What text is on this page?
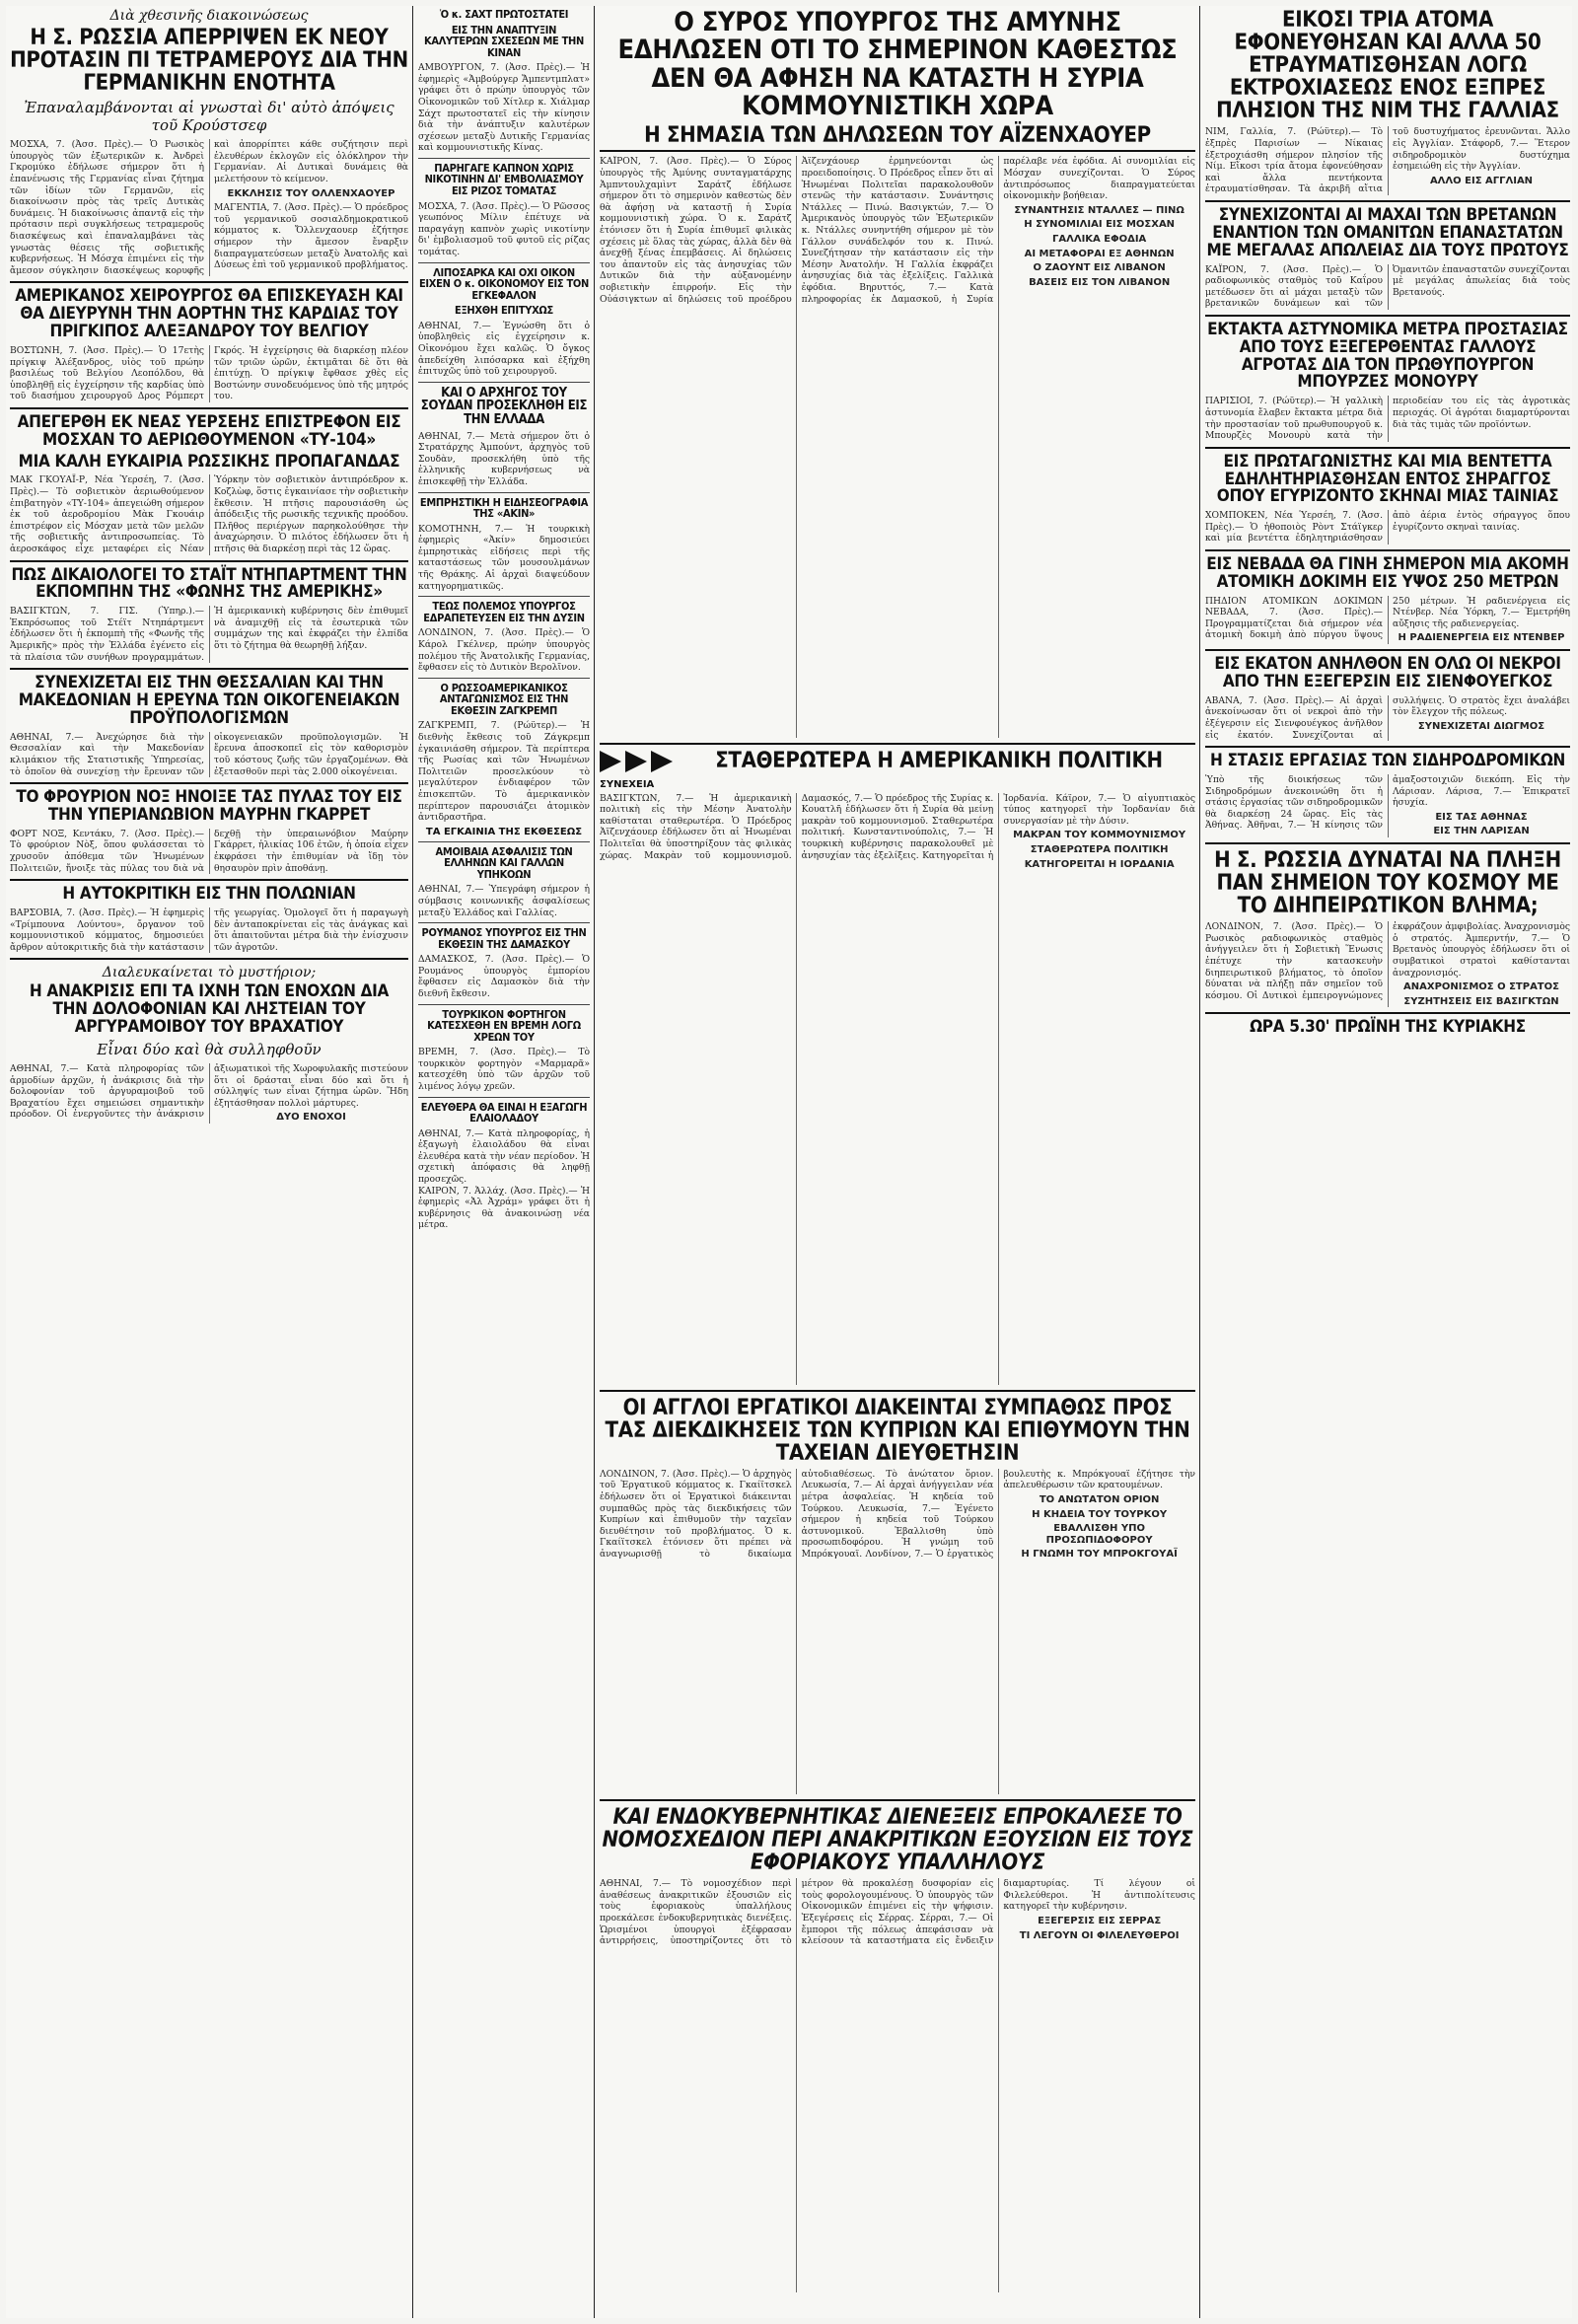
Διὰ χθεσινῆς διακοινώσεως
Η Σ. ΡΩΣΣΙΑ ΑΠΕΡΡΙΨΕΝ ΕΚ ΝΕΟΥ ΠΡΟΤΑΣΙΝ ΠΙ ΤΕΤΡΑΜΕΡΟΥΣ ΔΙΑ ΤΗΝ ΓΕΡΜΑΝΙΚΗΝ ΕΝΟΤΗΤΑ
Ἐπαναλαμβάνονται αἱ γνωσταὶ δι' αὐτὸ ἀπόψεις τοῦ Κρούστσεφ
ΜΟΣΧΑ, 7. (Ἀσσ. Πρὲς).— Ὁ Ρωσικὸς ὑπουργὸς τῶν ἐξωτερικῶν κ. Ἀνδρεὶ Γκρομύκο ἐδήλωσε σήμερον ὅτι ἡ ἐπανένωσις τῆς Γερμανίας εἶναι ζήτημα τῶν ἰδίων τῶν Γερμανῶν, εἰς διακοίνωσιν πρὸς τὰς τρεῖς Δυτικὰς δυνάμεις. Ἡ διακοίνωσις ἀπαντᾷ εἰς τὴν πρότασιν περὶ συγκλήσεως τετραμεροῦς διασκέψεως καὶ ἐπαναλαμβάνει τὰς γνωστὰς θέσεις τῆς σοβιετικῆς κυβερνήσεως. Ἡ Μόσχα ἐπιμένει εἰς τὴν ἄμεσον σύγκλησιν διασκέψεως κορυφῆς καὶ ἀπορρίπτει κάθε συζήτησιν περὶ ἐλευθέρων ἐκλογῶν εἰς ὁλόκληρον τὴν Γερμανίαν. Αἱ Δυτικαὶ δυνάμεις θὰ μελετήσουν τὸ κείμενον.
ΕΚΚΛΗΣΙΣ ΤΟΥ ΟΛΛΕΝΧΑΟΥΕΡ
ΜΑΓΕΝΤΙΑ, 7. (Ἀσσ. Πρὲς).— Ὁ πρόεδρος τοῦ γερμανικοῦ σοσιαλδημοκρατικοῦ κόμματος κ. Ὄλλενχαουερ ἐζήτησε σήμερον τὴν ἄμεσον ἔναρξιν διαπραγματεύσεων μεταξὺ Ἀνατολῆς καὶ Δύσεως ἐπὶ τοῦ γερμανικοῦ προβλήματος.
ΑΜΕΡΙΚΑΝΟΣ ΧΕΙΡΟΥΡΓΟΣ ΘΑ ΕΠΙΣΚΕΥΑΣΗ ΚΑΙ ΘΑ ΔΙΕΥΡΥΝΗ ΤΗΝ ΑΟΡΤΗΝ ΤΗΣ ΚΑΡΔΙΑΣ ΤΟΥ ΠΡΙΓΚΙΠΟΣ ΑΛΕΞΑΝΔΡΟΥ ΤΟΥ ΒΕΛΓΙΟΥ
ΒΟΣΤΩΝΗ, 7. (Ἀσσ. Πρὲς).— Ὁ 17ετὴς πρίγκιψ Ἀλέξανδρος, υἱὸς τοῦ πρώην βασιλέως τοῦ Βελγίου Λεοπόλδου, θὰ ὑποβληθῇ εἰς ἐγχείρησιν τῆς καρδίας ὑπὸ τοῦ διασήμου χειρουργοῦ Δρος Ρόμπερτ Γκρός. Ἡ ἐγχείρησις θὰ διαρκέσῃ πλέον τῶν τριῶν ὡρῶν, ἐκτιμᾶται δὲ ὅτι θὰ ἐπιτύχῃ. Ὁ πρίγκιψ ἔφθασε χθὲς εἰς Βοστώνην συνοδευόμενος ὑπὸ τῆς μητρός του.
ΑΠΕΓΕΡΘΗ ΕΚ ΝΕΑΣ ΥΕΡΣΕΗΣ ΕΠΙΣΤΡΕΦΟΝ ΕΙΣ ΜΟΣΧΑΝ ΤΟ ΑΕΡΙΩΘΟΥΜΕΝΟΝ «ΤΥ-104»
ΜΙΑ ΚΑΛΗ ΕΥΚΑΙΡΙΑ ΡΩΣΣΙΚΗΣ ΠΡΟΠΑΓΑΝΔΑΣ
ΜΑΚ ΓΚΟΥΑΪ-Ρ, Νέα Ὑερσέη, 7. (Ἀσσ. Πρὲς).— Τὸ σοβιετικὸν ἀεριωθούμενον ἐπιβατηγὸν «ΤΥ-104» ἀπεγειώθη σήμερον ἐκ τοῦ ἀεροδρομίου Μὰκ Γκουάιρ ἐπιστρέφον εἰς Μόσχαν μετὰ τῶν μελῶν τῆς σοβιετικῆς ἀντιπροσωπείας. Τὸ ἀεροσκάφος εἶχε μεταφέρει εἰς Νέαν Ὑόρκην τὸν σοβιετικὸν ἀντιπρόεδρον κ. Κοζλὼφ, ὅστις ἐγκαινίασε τὴν σοβιετικὴν ἔκθεσιν. Ἡ πτῆσις παρουσιάσθη ὡς ἀπόδειξις τῆς ρωσικῆς τεχνικῆς προόδου. Πλῆθος περιέργων παρηκολούθησε τὴν ἀναχώρησιν. Ὁ πιλότος ἐδήλωσεν ὅτι ἡ πτῆσις θὰ διαρκέσῃ περὶ τὰς 12 ὥρας.
ΠΩΣ ΔΙΚΑΙΟΛΟΓΕΙ ΤΟ ΣΤΑΪΤ ΝΤΗΠΑΡΤΜΕΝΤ ΤΗΝ ΕΚΠΟΜΠΗΝ ΤΗΣ «ΦΩΝΗΣ ΤΗΣ ΑΜΕΡΙΚΗΣ»
ΒΑΣΙΓΚΤΩΝ, 7. ΓΙΣ. (Ὑπηρ.).— Ἐκπρόσωπος τοῦ Στέϊτ Ντηπάρτμεντ ἐδήλωσεν ὅτι ἡ ἐκπομπὴ τῆς «Φωνῆς τῆς Ἀμερικῆς» πρὸς τὴν Ἑλλάδα ἐγένετο εἰς τὰ πλαίσια τῶν συνήθων προγραμμάτων. Ἡ ἀμερικανικὴ κυβέρνησις δὲν ἐπιθυμεῖ νὰ ἀναμιχθῇ εἰς τὰ ἐσωτερικὰ τῶν συμμάχων της καὶ ἐκφράζει τὴν ἐλπίδα ὅτι τὸ ζήτημα θὰ θεωρηθῇ λήξαν.
ΣΥΝΕΧΙΖΕΤΑΙ ΕΙΣ ΤΗΝ ΘΕΣΣΑΛΙΑΝ ΚΑΙ ΤΗΝ ΜΑΚΕΔΟΝΙΑΝ Η ΕΡΕΥΝΑ ΤΩΝ ΟΙΚΟΓΕΝΕΙΑΚΩΝ ΠΡΟΫΠΟΛΟΓΙΣΜΩΝ
ΑΘΗΝΑΙ, 7.— Ἀνεχώρησε διὰ τὴν Θεσσαλίαν καὶ τὴν Μακεδονίαν κλιμάκιον τῆς Στατιστικῆς Ὑπηρεσίας, τὸ ὁποῖον θὰ συνεχίσῃ τὴν ἔρευναν τῶν οἰκογενειακῶν προϋπολογισμῶν. Ἡ ἔρευνα ἀποσκοπεῖ εἰς τὸν καθορισμὸν τοῦ κόστους ζωῆς τῶν ἐργαζομένων. Θὰ ἐξετασθοῦν περὶ τὰς 2.000 οἰκογένειαι.
ΤΟ ΦΡΟΥΡΙΟΝ ΝΟΞ ΗΝΟΙΞΕ ΤΑΣ ΠΥΛΑΣ ΤΟΥ ΕΙΣ ΤΗΝ ΥΠΕΡΙΑΝΩΒΙΟΝ ΜΑΥΡΗΝ ΓΚΑΡΡΕΤ
ΦΟΡΤ ΝΟΞ, Κεντάκυ, 7. (Ἀσσ. Πρὲς).— Τὸ φρούριον Νὸξ, ὅπου φυλάσσεται τὸ χρυσοῦν ἀπόθεμα τῶν Ἡνωμένων Πολιτειῶν, ἤνοιξε τὰς πύλας του διὰ νὰ δεχθῇ τὴν ὑπεραιωνόβιον Μαύρην Γκάρρετ, ἡλικίας 106 ἐτῶν, ἡ ὁποία εἶχεν ἐκφράσει τὴν ἐπιθυμίαν νὰ ἴδῃ τὸν θησαυρὸν πρὶν ἀποθάνῃ.
Η ΑΥΤΟΚΡΙΤΙΚΗ ΕΙΣ ΤΗΝ ΠΟΛΩΝΙΑΝ
ΒΑΡΣΟΒΙΑ, 7. (Ἀσσ. Πρὲς).— Ἡ ἐφημερὶς «Τρίμπουνα Λούντου», ὄργανον τοῦ κομμουνιστικοῦ κόμματος, δημοσιεύει ἄρθρον αὐτοκριτικῆς διὰ τὴν κατάστασιν τῆς γεωργίας. Ὁμολογεῖ ὅτι ἡ παραγωγὴ δὲν ἀνταποκρίνεται εἰς τὰς ἀνάγκας καὶ ὅτι ἀπαιτοῦνται μέτρα διὰ τὴν ἐνίσχυσιν τῶν ἀγροτῶν.
Διαλευκαίνεται τὸ μυστήριον;
Η ΑΝΑΚΡΙΣΙΣ ΕΠΙ ΤΑ ΙΧΝΗ ΤΩΝ ΕΝΟΧΩΝ ΔΙΑ ΤΗΝ ΔΟΛΟΦΟΝΙΑΝ ΚΑΙ ΛΗΣΤΕΙΑΝ ΤΟΥ ΑΡΓΥΡΑΜΟΙΒΟΥ ΤΟΥ ΒΡΑΧΑΤΙΟΥ
Εἶναι δύο καὶ θὰ συλληφθοῦν
ΑΘΗΝΑΙ, 7.— Κατὰ πληροφορίας τῶν ἁρμοδίων ἀρχῶν, ἡ ἀνάκρισις διὰ τὴν δολοφονίαν τοῦ ἀργυραμοιβοῦ τοῦ Βραχατίου ἔχει σημειώσει σημαντικὴν πρόοδον. Οἱ ἐνεργοῦντες τὴν ἀνάκρισιν ἀξιωματικοὶ τῆς Χωροφυλακῆς πιστεύουν ὅτι οἱ δράσται εἶναι δύο καὶ ὅτι ἡ σύλληψίς των εἶναι ζήτημα ὡρῶν. Ἤδη ἐξητάσθησαν πολλοὶ μάρτυρες.
ΔΥΟ ΕΝΟΧΟΙ
Ὁ κ. ΣΑΧΤ ΠΡΩΤΟΣΤΑΤΕΙ
ΕΙΣ ΤΗΝ ΑΝΑΠΤΥΞΙΝ ΚΑΛΥΤΕΡΩΝ ΣΧΕΣΕΩΝ ΜΕ ΤΗΝ ΚΙΝΑΝ
ΑΜΒΟΥΡΓΟΝ, 7. (Ἀσσ. Πρὲς).— Ἡ ἐφημερὶς «Ἀμβούργερ Ἄμπεντμπλατ» γράφει ὅτι ὁ πρώην ὑπουργὸς τῶν Οἰκονομικῶν τοῦ Χίτλερ κ. Χιάλμαρ Σάχτ πρωτοστατεῖ εἰς τὴν κίνησιν διὰ τὴν ἀνάπτυξιν καλυτέρων σχέσεων μεταξὺ Δυτικῆς Γερμανίας καὶ κομμουνιστικῆς Κίνας.
ΠΑΡΗΓΑΓΕ ΚΑΠΝΟΝ ΧΩΡΙΣ ΝΙΚΟΤΙΝΗΝ ΔΙ' ΕΜΒΟΛΙΑΣΜΟΥ ΕΙΣ ΡΙΖΟΣ ΤΟΜΑΤΑΣ
ΜΟΣΧΑ, 7. (Ἀσσ. Πρὲς).— Ὁ Ρῶσσος γεωπόνος Μίλιν ἐπέτυχε νὰ παραγάγῃ καπνὸν χωρὶς νικοτίνην δι' ἐμβολιασμοῦ τοῦ φυτοῦ εἰς ρίζας τομάτας.
ΛΙΠΟΣΑΡΚΑ ΚΑΙ ΟΧΙ ΟΙΚΟΝ ΕΙΧΕΝ Ο κ. ΟΙΚΟΝΟΜΟΥ ΕΙΣ ΤΟΝ ΕΓΚΕΦΑΛΟΝ
ΕΞΗΧΘΗ ΕΠΙΤΥΧΩΣ
ΑΘΗΝΑΙ, 7.— Ἐγνώσθη ὅτι ὁ ὑποβληθεὶς εἰς ἐγχείρησιν κ. Οἰκονόμου ἔχει καλῶς. Ὁ ὄγκος ἀπεδείχθη λιπόσαρκα καὶ ἐξήχθη ἐπιτυχῶς ὑπὸ τοῦ χειρουργοῦ.
ΚΑΙ Ο ΑΡΧΗΓΟΣ ΤΟΥ ΣΟΥΔΑΝ ΠΡΟΣΕΚΛΗΘΗ ΕΙΣ ΤΗΝ ΕΛΛΑΔΑ
ΑΘΗΝΑΙ, 7.— Μετὰ σήμερον ὅτι ὁ Στρατάρχης Ἀμπούντ, ἀρχηγὸς τοῦ Σουδὰν, προσεκλήθη ὑπὸ τῆς ἑλληνικῆς κυβερνήσεως νὰ ἐπισκεφθῇ τὴν Ἑλλάδα.
ΕΜΠΡΗΣΤΙΚΗ Η ΕΙΔΗΣΕΟΓΡΑΦΙΑ ΤΗΣ «ΑΚΙΝ»
ΚΟΜΟΤΗΝΗ, 7.— Ἡ τουρκικὴ ἐφημερὶς «Ἀκίν» δημοσιεύει ἐμπρηστικὰς εἰδήσεις περὶ τῆς καταστάσεως τῶν μουσουλμάνων τῆς Θράκης. Αἱ ἀρχαὶ διαψεύδουν κατηγορηματικῶς.
ΤΕΩΣ ΠΟΛΕΜΟΣ ΥΠΟΥΡΓΟΣ ΕΔΡΑΠΕΤΕΥΣΕΝ ΕΙΣ ΤΗΝ ΔΥΣΙΝ
ΛΟΝΔΙΝΟΝ, 7. (Ἀσσ. Πρὲς).— Ὁ Κάρολ Γκέλνερ, πρώην ὑπουργὸς πολέμου τῆς Ἀνατολικῆς Γερμανίας, ἔφθασεν εἰς τὸ Δυτικὸν Βερολῖνον.
Ο ΡΩΣΣΟΑΜΕΡΙΚΑΝΙΚΟΣ ΑΝΤΑΓΩΝΙΣΜΟΣ ΕΙΣ ΤΗΝ ΕΚΘΕΣΙΝ ΖΑΓΚΡΕΜΠ
ΖΑΓΚΡΕΜΠ, 7. (Ρώϋτερ).— Ἡ διεθνὴς ἔκθεσις τοῦ Ζάγκρεμπ ἐγκαινιάσθη σήμερον. Τὰ περίπτερα τῆς Ρωσίας καὶ τῶν Ἡνωμένων Πολιτειῶν προσελκύουν τὸ μεγαλύτερον ἐνδιαφέρον τῶν ἐπισκεπτῶν. Τὸ ἀμερικανικὸν περίπτερον παρουσιάζει ἀτομικὸν ἀντιδραστῆρα.
ΤΑ ΕΓΚΑΙΝΙΑ ΤΗΣ ΕΚΘΕΣΕΩΣ
ΑΜΟΙΒΑΙΑ ΑΣΦΑΛΙΣΙΣ ΤΩΝ ΕΛΛΗΝΩΝ ΚΑΙ ΓΑΛΛΩΝ ΥΠΗΚΟΩΝ
ΑΘΗΝΑΙ, 7.— Ὑπεγράφη σήμερον ἡ σύμβασις κοινωνικῆς ἀσφαλίσεως μεταξὺ Ἑλλάδος καὶ Γαλλίας.
ΡΟΥΜΑΝΟΣ ΥΠΟΥΡΓΟΣ ΕΙΣ ΤΗΝ ΕΚΘΕΣΙΝ ΤΗΣ ΔΑΜΑΣΚΟΥ
ΔΑΜΑΣΚΟΣ, 7. (Ἀσσ. Πρὲς).— Ὁ Ρουμάνος ὑπουργὸς ἐμπορίου ἔφθασεν εἰς Δαμασκὸν διὰ τὴν διεθνῆ ἔκθεσιν.
ΤΟΥΡΚΙΚΟΝ ΦΟΡΤΗΓΟΝ ΚΑΤΕΣΧΕΘΗ ΕΝ ΒΡΕΜΗ ΛΟΓΩ ΧΡΕΩΝ ΤΟΥ
ΒΡΕΜΗ, 7. (Ἀσσ. Πρὲς).— Τὸ τουρκικὸν φορτηγὸν «Μαρμαρᾶ» κατεσχέθη ὑπὸ τῶν ἀρχῶν τοῦ λιμένος λόγῳ χρεῶν.
ΕΛΕΥΘΕΡΑ ΘΑ ΕΙΝΑΙ Η ΕΞΑΓΩΓΗ ΕΛΑΙΟΛΑΔΟΥ
ΑΘΗΝΑΙ, 7.— Κατὰ πληροφορίας, ἡ ἐξαγωγὴ ἐλαιολάδου θὰ εἶναι ἐλευθέρα κατὰ τὴν νέαν περίοδον. Ἡ σχετικὴ ἀπόφασις θὰ ληφθῇ προσεχῶς.
ΚΑΙΡΟΝ, 7. Ἀλλάχ. (Ἀσσ. Πρὲς).— Ἡ ἐφημερὶς «Ἀλ Ἀχράμ» γράφει ὅτι ἡ κυβέρνησις θὰ ἀνακοινώσῃ νέα μέτρα.
Ο ΣΥΡΟΣ ΥΠΟΥΡΓΟΣ ΤΗΣ ΑΜΥΝΗΣ ΕΔΗΛΩΣΕΝ ΟΤΙ ΤΟ ΣΗΜΕΡΙΝΟΝ ΚΑΘΕΣΤΩΣ ΔΕΝ ΘΑ ΑΦΗΣΗ ΝΑ ΚΑΤΑΣΤΗ Η ΣΥΡΙΑ ΚΟΜΜΟΥΝΙΣΤΙΚΗ ΧΩΡΑ
Η ΣΗΜΑΣΙΑ ΤΩΝ ΔΗΛΩΣΕΩΝ ΤΟΥ ΑΪΖΕΝΧΑΟΥΕΡ
ΚΑΪΡΟΝ, 7. (Ἀσσ. Πρὲς).— Ὁ Σύρος ὑπουργὸς τῆς Ἀμύνης συνταγματάρχης Ἀμπντουλχαμὶντ Σαράτζ ἐδήλωσε σήμερον ὅτι τὸ σημερινὸν καθεστὼς δὲν θὰ ἀφήσῃ νὰ καταστῇ ἡ Συρία κομμουνιστικὴ χώρα. Ὁ κ. Σαράτζ ἐτόνισεν ὅτι ἡ Συρία ἐπιθυμεῖ φιλικὰς σχέσεις μὲ ὅλας τὰς χώρας, ἀλλὰ δὲν θὰ ἀνεχθῇ ξένας ἐπεμβάσεις. Αἱ δηλώσεις του ἀπαντοῦν εἰς τὰς ἀνησυχίας τῶν Δυτικῶν διὰ τὴν αὐξανομένην σοβιετικὴν ἐπιρροήν. Εἰς τὴν Οὐάσιγκτων αἱ δηλώσεις τοῦ προέδρου Ἀϊζενχάουερ ἑρμηνεύονται ὡς προειδοποίησις. Ὁ Πρόεδρος εἶπεν ὅτι αἱ Ἡνωμέναι Πολιτεῖαι παρακολουθοῦν στενῶς τὴν κατάστασιν. Συνάντησις Ντάλλες — Πινώ. Βασιγκτών, 7.— Ὁ Ἀμερικανὸς ὑπουργὸς τῶν Ἐξωτερικῶν κ. Ντάλλες συνηντήθη σήμερον μὲ τὸν Γάλλον συνάδελφόν του κ. Πινώ. Συνεζήτησαν τὴν κατάστασιν εἰς τὴν Μέσην Ἀνατολήν. Ἡ Γαλλία ἐκφράζει ἀνησυχίας διὰ τὰς ἐξελίξεις. Γαλλικὰ ἐφόδια. Βηρυττός, 7.— Κατὰ πληροφορίας ἐκ Δαμασκοῦ, ἡ Συρία παρέλαβε νέα ἐφόδια. Αἱ συνομιλίαι εἰς Μόσχαν συνεχίζονται. Ὁ Σύρος ἀντιπρόσωπος διαπραγματεύεται οἰκονομικὴν βοήθειαν.
ΣΥΝΑΝΤΗΣΙΣ ΝΤΑΛΛΕΣ — ΠΙΝΩ
Η ΣΥΝΟΜΙΛΙΑΙ ΕΙΣ ΜΟΣΧΑΝ
ΓΑΛΛΙΚΑ ΕΦΟΔΙΑ
ΑΙ ΜΕΤΑΦΟΡΑΙ ΕΞ ΑΘΗΝΩΝ
Ο ΖΑΟΥΝΤ ΕΙΣ ΛΙΒΑΝΟΝ
ΒΑΣΕΙΣ ΕΙΣ ΤΟΝ ΛΙΒΑΝΟΝ
ΣΤΑΘΕΡΩΤΕΡΑ Η ΑΜΕΡΙΚΑΝΙΚΗ ΠΟΛΙΤΙΚΗ
ΣΥΝΕΧΕΙΑ
ΒΑΣΙΓΚΤΩΝ, 7.— Ἡ ἀμερικανικὴ πολιτικὴ εἰς τὴν Μέσην Ἀνατολὴν καθίσταται σταθερωτέρα. Ὁ Πρόεδρος Ἀϊζενχάουερ ἐδήλωσεν ὅτι αἱ Ἡνωμέναι Πολιτεῖαι θὰ ὑποστηρίξουν τὰς φιλικὰς χώρας. Μακρὰν τοῦ κομμουνισμοῦ. Δαμασκός, 7.— Ὁ πρόεδρος τῆς Συρίας κ. Κουατλῆ ἐδήλωσεν ὅτι ἡ Συρία θὰ μείνῃ μακρὰν τοῦ κομμουνισμοῦ. Σταθερωτέρα πολιτική. Κωνσταντινούπολις, 7.— Ἡ τουρκικὴ κυβέρνησις παρακολουθεῖ μὲ ἀνησυχίαν τὰς ἐξελίξεις. Κατηγορεῖται ἡ Ἰορδανία. Κάϊρον, 7.— Ὁ αἰγυπτιακὸς τύπος κατηγορεῖ τὴν Ἰορδανίαν διὰ συνεργασίαν μὲ τὴν Δύσιν.
ΜΑΚΡΑΝ ΤΟΥ ΚΟΜΜΟΥΝΙΣΜΟΥ
ΣΤΑΘΕΡΩΤΕΡΑ ΠΟΛΙΤΙΚΗ
ΚΑΤΗΓΟΡΕΙΤΑΙ Η ΙΟΡΔΑΝΙΑ
ΟΙ ΑΓΓΛΟΙ ΕΡΓΑΤΙΚΟΙ ΔΙΑΚΕΙΝΤΑΙ ΣΥΜΠΑΘΩΣ ΠΡΟΣ ΤΑΣ ΔΙΕΚΔΙΚΗΣΕΙΣ ΤΩΝ ΚΥΠΡΙΩΝ ΚΑΙ ΕΠΙΘΥΜΟΥΝ ΤΗΝ ΤΑΧΕΙΑΝ ΔΙΕΥΘΕΤΗΣΙΝ
ΛΟΝΔΙΝΟΝ, 7. (Ἀσσ. Πρὲς).— Ὁ ἀρχηγὸς τοῦ Ἐργατικοῦ κόμματος κ. Γκαίϊτσκελ ἐδήλωσεν ὅτι οἱ Ἐργατικοὶ διάκεινται συμπαθῶς πρὸς τὰς διεκδικήσεις τῶν Κυπρίων καὶ ἐπιθυμοῦν τὴν ταχεῖαν διευθέτησιν τοῦ προβλήματος. Ὁ κ. Γκαίϊτσκελ ἐτόνισεν ὅτι πρέπει νὰ ἀναγνωρισθῇ τὸ δικαίωμα αὐτοδιαθέσεως. Τὸ ἀνώτατον ὅριον. Λευκωσία, 7.— Αἱ ἀρχαὶ ἀνήγγειλαν νέα μέτρα ἀσφαλείας. Ἡ κηδεία τοῦ Τούρκου. Λευκωσία, 7.— Ἐγένετο σήμερον ἡ κηδεία τοῦ Τούρκου ἀστυνομικοῦ. Ἐβαλλισθη ὑπὸ προσωπιδοφόρου. Ἡ γνώμη τοῦ Μπρόκγουαϊ. Λονδίνον, 7.— Ὁ ἐργατικὸς βουλευτὴς κ. Μπρόκγουαϊ ἐζήτησε τὴν ἀπελευθέρωσιν τῶν κρατουμένων.
ΤΟ ΑΝΩΤΑΤΟΝ ΟΡΙΟΝ
Η ΚΗΔΕΙΑ ΤΟΥ ΤΟΥΡΚΟΥ
ΕΒΑΛΛΙΣΘΗ ΥΠΟ ΠΡΟΣΩΠΙΔΟΦΟΡΟΥ
Η ΓΝΩΜΗ ΤΟΥ ΜΠΡΟΚΓΟΥΑΪ
ΚΑΙ ΕΝΔΟΚΥΒΕΡΝΗΤΙΚΑΣ ΔΙΕΝΕΞΕΙΣ ΕΠΡΟΚΑΛΕΣΕ ΤΟ ΝΟΜΟΣΧΕΔΙΟΝ ΠΕΡΙ ΑΝΑΚΡΙΤΙΚΩΝ ΕΞΟΥΣΙΩΝ ΕΙΣ ΤΟΥΣ ΕΦΟΡΙΑΚΟΥΣ ΥΠΑΛΛΗΛΟΥΣ
ΑΘΗΝΑΙ, 7.— Τὸ νομοσχέδιον περὶ ἀναθέσεως ἀνακριτικῶν ἐξουσιῶν εἰς τοὺς ἐφοριακοὺς ὑπαλλήλους προεκάλεσε ἐνδοκυβερνητικὰς διενέξεις. Ὡρισμένοι ὑπουργοὶ ἐξέφρασαν ἀντιρρήσεις, ὑποστηρίζοντες ὅτι τὸ μέτρον θὰ προκαλέσῃ δυσφορίαν εἰς τοὺς φορολογουμένους. Ὁ ὑπουργὸς τῶν Οἰκονομικῶν ἐπιμένει εἰς τὴν ψήφισιν. Ἐξεγέρσεις εἰς Σέρρας. Σέρραι, 7.— Οἱ ἔμποροι τῆς πόλεως ἀπεφάσισαν νὰ κλείσουν τὰ καταστήματα εἰς ἔνδειξιν διαμαρτυρίας. Τί λέγουν οἱ Φιλελεύθεροι. Ἡ ἀντιπολίτευσις κατηγορεῖ τὴν κυβέρνησιν.
ΕΞΕΓΕΡΣΙΣ ΕΙΣ ΣΕΡΡΑΣ
ΤΙ ΛΕΓΟΥΝ ΟΙ ΦΙΛΕΛΕΥΘΕΡΟΙ
ΕΙΚΟΣΙ ΤΡΙΑ ΑΤΟΜΑ ΕΦΟΝΕΥΘΗΣΑΝ ΚΑΙ ΑΛΛΑ 50 ΕΤΡΑΥΜΑΤΙΣΘΗΣΑΝ ΛΟΓΩ ΕΚΤΡΟΧΙΑΣΕΩΣ ΕΝΟΣ ΕΞΠΡΕΣ ΠΛΗΣΙΟΝ ΤΗΣ ΝΙΜ ΤΗΣ ΓΑΛΛΙΑΣ
ΝΙΜ, Γαλλία, 7. (Ρώϋτερ).— Τὸ ἐξπρὲς Παρισίων — Νίκαιας ἐξετροχιάσθη σήμερον πλησίον τῆς Νίμ. Εἴκοσι τρία ἄτομα ἐφονεύθησαν καὶ ἄλλα πεντήκοντα ἐτραυματίσθησαν. Τὰ ἀκριβῆ αἴτια τοῦ δυστυχήματος ἐρευνῶνται. Ἄλλο εἰς Ἀγγλίαν. Στάφορδ, 7.— Ἕτερον σιδηροδρομικὸν δυστύχημα ἐσημειώθη εἰς τὴν Ἀγγλίαν.
ΑΛΛΟ ΕΙΣ ΑΓΓΛΙΑΝ
ΣΥΝΕΧΙΖΟΝΤΑΙ ΑΙ ΜΑΧΑΙ ΤΩΝ ΒΡΕΤΑΝΩΝ ΕΝΑΝΤΙΟΝ ΤΩΝ ΟΜΑΝΙΤΩΝ ΕΠΑΝΑΣΤΑΤΩΝ ΜΕ ΜΕΓΑΛΑΣ ΑΠΩΛΕΙΑΣ ΔΙΑ ΤΟΥΣ ΠΡΩΤΟΥΣ
ΚΑΪΡΟΝ, 7. (Ἀσσ. Πρὲς).— Ὁ ραδιοφωνικὸς σταθμὸς τοῦ Καΐρου μετέδωσεν ὅτι αἱ μάχαι μεταξὺ τῶν βρετανικῶν δυνάμεων καὶ τῶν Ὀμανιτῶν ἐπαναστατῶν συνεχίζονται μὲ μεγάλας ἀπωλείας διὰ τοὺς Βρετανούς.
ΕΚΤΑΚΤΑ ΑΣΤΥΝΟΜΙΚΑ ΜΕΤΡΑ ΠΡΟΣΤΑΣΙΑΣ ΑΠΟ ΤΟΥΣ ΕΞΕΓΕΡΘΕΝΤΑΣ ΓΑΛΛΟΥΣ ΑΓΡΟΤΑΣ ΔΙΑ ΤΟΝ ΠΡΩΘΥΠΟΥΡΓΟΝ ΜΠΟΥΡΖΕΣ ΜΟΝΟΥΡΥ
ΠΑΡΙΣΙΟΙ, 7. (Ρώϋτερ).— Ἡ γαλλικὴ ἀστυνομία ἔλαβεν ἔκτακτα μέτρα διὰ τὴν προστασίαν τοῦ πρωθυπουργοῦ κ. Μπουρζὲς Μονουρὺ κατὰ τὴν περιοδείαν του εἰς τὰς ἀγροτικὰς περιοχάς. Οἱ ἀγρόται διαμαρτύρονται διὰ τὰς τιμὰς τῶν προϊόντων.
ΕΙΣ ΠΡΩΤΑΓΩΝΙΣΤΗΣ ΚΑΙ ΜΙΑ ΒΕΝΤΕΤΤΑ ΕΔΗΛΗΤΗΡΙΑΣΘΗΣΑΝ ΕΝΤΟΣ ΣΗΡΑΓΓΟΣ ΟΠΟΥ ΕΓΥΡΙΖΟΝΤΟ ΣΚΗΝΑΙ ΜΙΑΣ ΤΑΙΝΙΑΣ
ΧΟΜΠΟΚΕΝ, Νέα Ὑερσέη, 7. (Ἀσσ. Πρὲς).— Ὁ ἠθοποιὸς Ρὸντ Στάϊγκερ καὶ μία βεντέττα ἐδηλητηριάσθησαν ἀπὸ ἀέρια ἐντὸς σήραγγος ὅπου ἐγυρίζοντο σκηναὶ ταινίας.
ΕΙΣ ΝΕΒΑΔΑ ΘΑ ΓΙΝΗ ΣΗΜΕΡΟΝ ΜΙΑ ΑΚΟΜΗ ΑΤΟΜΙΚΗ ΔΟΚΙΜΗ ΕΙΣ ΥΨΟΣ 250 ΜΕΤΡΩΝ
ΠΗΔΙΟΝ ΑΤΟΜΙΚΩΝ ΔΟΚΙΜΩΝ ΝΕΒΑΔΑ, 7. (Ἀσσ. Πρὲς).— Προγραμματίζεται διὰ σήμερον νέα ἀτομικὴ δοκιμὴ ἀπὸ πύργου ὕψους 250 μέτρων. Ἡ ραδιενέργεια εἰς Ντένβερ. Νέα Ὑόρκη, 7.— Ἐμετρήθη αὔξησις τῆς ραδιενεργείας.
Η ΡΑΔΙΕΝΕΡΓΕΙΑ ΕΙΣ ΝΤΕΝΒΕΡ
ΕΙΣ ΕΚΑΤΟΝ ΑΝΗΛΘΟΝ ΕΝ ΟΛΩ ΟΙ ΝΕΚΡΟΙ ΑΠΟ ΤΗΝ ΕΞΕΓΕΡΣΙΝ ΕΙΣ ΣΙΕΝΦΟΥΕΓΚΟΣ
ΑΒΑΝΑ, 7. (Ἀσσ. Πρὲς).— Αἱ ἀρχαὶ ἀνεκοίνωσαν ὅτι οἱ νεκροὶ ἀπὸ τὴν ἐξέγερσιν εἰς Σιενφουέγκος ἀνῆλθον εἰς ἑκατόν. Συνεχίζονται αἱ συλλήψεις. Ὁ στρατὸς ἔχει ἀναλάβει τὸν ἔλεγχον τῆς πόλεως.
ΣΥΝΕΧΙΖΕΤΑΙ ΔΙΩΓΜΟΣ
Η ΣΤΑΣΙΣ ΕΡΓΑΣΙΑΣ ΤΩΝ ΣΙΔΗΡΟΔΡΟΜΙΚΩΝ
Ὑπὸ τῆς διοικήσεως τῶν Σιδηροδρόμων ἀνεκοινώθη ὅτι ἡ στάσις ἐργασίας τῶν σιδηροδρομικῶν θὰ διαρκέσῃ 24 ὥρας. Εἰς τὰς Ἀθήνας. Ἀθῆναι, 7.— Ἡ κίνησις τῶν ἀμαξοστοιχιῶν διεκόπη. Εἰς τὴν Λάρισαν. Λάρισα, 7.— Ἐπικρατεῖ ἡσυχία.
ΕΙΣ ΤΑΣ ΑΘΗΝΑΣ
ΕΙΣ ΤΗΝ ΛΑΡΙΣΑΝ
Η Σ. ΡΩΣΣΙΑ ΔΥΝΑΤΑΙ ΝΑ ΠΛΗΞΗ ΠΑΝ ΣΗΜΕΙΟΝ ΤΟΥ ΚΟΣΜΟΥ ΜΕ ΤΟ ΔΙΗΠΕΙΡΩΤΙΚΟΝ ΒΛΗΜΑ;
ΛΟΝΔΙΝΟΝ, 7. (Ἀσσ. Πρὲς).— Ὁ Ρωσικὸς ραδιοφωνικὸς σταθμὸς ἀνήγγειλεν ὅτι ἡ Σοβιετικὴ Ἕνωσις ἐπέτυχε τὴν κατασκευὴν διηπειρωτικοῦ βλήματος, τὸ ὁποῖον δύναται νὰ πλήξῃ πᾶν σημεῖον τοῦ κόσμου. Οἱ Δυτικοὶ ἐμπειρογνώμονες ἐκφράζουν ἀμφιβολίας. Ἀναχρονισμὸς ὁ στρατός. Ἀμπερντήν, 7.— Ὁ Βρετανὸς ὑπουργὸς ἐδήλωσεν ὅτι οἱ συμβατικοὶ στρατοὶ καθίστανται ἀναχρονισμός.
ΑΝΑΧΡΟΝΙΣΜΟΣ Ο ΣΤΡΑΤΟΣ
ΣΥΖΗΤΗΣΕΙΣ ΕΙΣ ΒΑΣΙΓΚΤΩΝ
ΩΡΑ 5.30' ΠΡΩΪΝΗ ΤΗΣ ΚΥΡΙΑΚΗΣ
